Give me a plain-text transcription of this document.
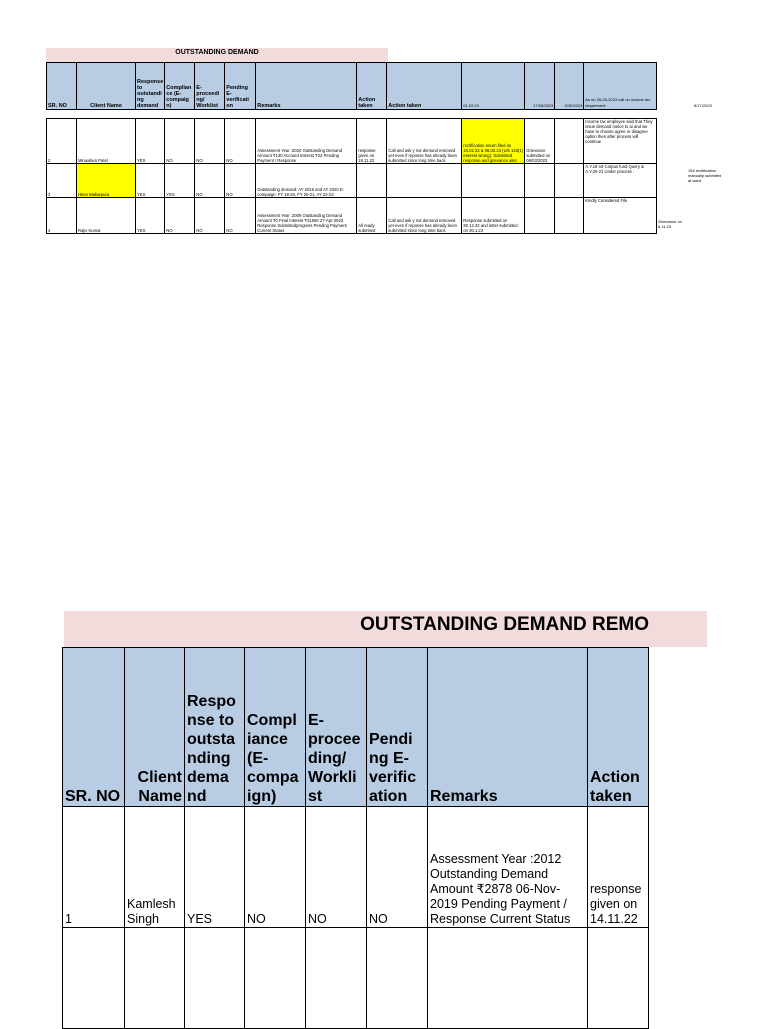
OUTSTANDING DEMAND
SR. NO	Client Name	Response to outstandi ng demand	Complian ce (E-compaig n)	E-proceedi ng/ Worklist	Pending E-verificati on	Remarks	Action taken	Action taken	01.02.23	17/03/2023	3/30/2023	As on 25-05-2023 call on income tax department

2	Minaxiben Patel	YES	NO	NO	NO	Assessment Year :2020 Outstanding Demand Amount ₹130 Accrued Interest ₹22 Pending Payment / Response	response given on 18.11.22	Call and ask y not demond removed yet even if reponse has already been submitted since long time back	rectification return filed on 10.02.23 & 06.02.23 (U/s 143(1) interest wrong). Submitted response and grievance also	Grievance submitted on 06/03/2023		Income tax employee said that They issue demand notice to ai and we have to choose agree or disagree option then after process will continue
3	Hiren Makarpura	YES	YES	NO	NO	Outstanding demand: AY 2018 and AY 2020 E-compaign: FY 19-20, FY 20-21, AY 22-23						A.Y.18-19 Corpus fund Query & A.Y.20-21 Under process .
4	Rajiv Kumar	YES	NO	NO	NO	Assessment Year :2009 Outstanding Demand Amount ₹0 Final Interest ₹21550 27-Apr-2022 Response Submittedprogress Pending Payment Current Status	All ready submited	Call and ask y not demond removed yet even if reponse has already been submitted since long time back	Response submitted on 30.12.22 and letter submitted on 30.1.23			Kindly Considered File
8/17/2023
154 rectification manually submited at ward
Grievance on 6.11.23
OUTSTANDING DEMAND REMO
SR. NO	Client Name	Respo nse to outsta nding dema nd	Compl iance (E-compa ign)	E-procee ding/ Workli st	Pendi ng E-verific ation	Remarks	Action taken
1	Kamlesh Singh	YES	NO	NO	NO	Assessment Year :2012 Outstanding Demand Amount ₹2878 06-Nov-2019 Pending Payment / Response Current Status	response given on 14.11.22
